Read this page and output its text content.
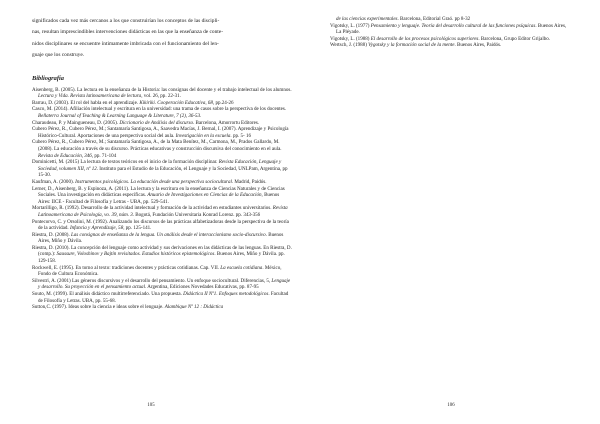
significados cada vez más cercanos a los que construirían los conceptos de las discipli-
nas, resultan imprescindibles intervenciones didácticas en las que la enseñanza de conte-
nidos disciplinares se encuentre íntimamente imbricada con el funcionamiento del len-
guaje que los construye.

Bibliografía
Aisenberg, B. (2005). La lectura en la enseñanza de la Historia: las consignas del docente y el trabajo intelectual de los alumnos. Lectura y Vida. Revista latinoamericana de lectura, vol. 26, pp. 22-31.
Barrau, D. (2003). El rol del habla en el aprendizaje. Kikiriki. Cooperación Educativa, 68, pp.24-26
Casco, M. (2014). Afiliación intelectual y escritura en la universidad: una trama de casos sobre la perspectiva de los docentes. Bellaterra Journal of Teaching & Learning Language & Literature, 7 (2), 36-53.
Charaudeau, P. y Maingueneau, D. (2005). Diccionario de Análisis del discurso. Barcelona, Amorrortu Editores.
Cubero Pérez, R., Cubero Pérez, M.; Santamaría Santigosa, A., Saavedra Macías, J. Bernal, I. (2007). Aprendizaje y Psicología Histórico-Cultural. Aportaciones de una perspectiva social del aula. Investigación en la escuela. pp. 5- 16
Cubero Pérez, R., Cubero Pérez, M.; Santamaría Santigosa, A., de la Mata Benítez, M., Carmona, M., Prados Gallardo, M. (2008). La educación a través de su discurso. Prácticas educativas y construcción discursiva del conocimiento en el aula. Revista de Educación, 346, pp. 71-104
Dominicetti, M. (2015) La lectura de textos teóricos en el inicio de la formación disciplinar. Revista Educación, Lenguaje y Sociedad, volumen XII, nº 12. Instituto para el Estudio de la Educación, el Lenguaje y la Sociedad, UNLPam, Argentina, pp 15-30.
Kaufman, A. (2000). Instrumentos psicológicos. La educación desde una perspectiva sociocultural. Madrid, Paidós.
Lerner, D., Aisenberg, B. y Espinoza, A. (2011). La lectura y la escritura en la enseñanza de Ciencias Naturales y de Ciencias Sociales. Una investigación en didácticas específicas. Anuario de Investigaciones en Ciencias de la Educación, Buenos Aires: IICE - Facultad de Filosofía y Letras - UBA, pp. 529-541.
Mortarilligo, R. (1992). Desarrollo de la actividad intelectual y formación de la actividad en estudiantes universitarios. Revista Latinoamericana de Psicología, vo. 39, núm. 3. Bogotá, Fundación Universitaria Konrad Lorenz. pp. 343-356
Pontecorvo, C. y Orsolini, M. (1992). Analizando los discursos de las prácticas alfabetizadoras desde la perspectiva de la teoría de la actividad. Infancia y Aprendizaje, 58, pp. 125-141.
Riestra, D. (2008). Las consignas de enseñanza de la lengua. Un análisis desde el interaccionismo socio-discursivo. Buenos Aires, Miño y Dávila.
Riestra, D. (2010). La concepción del lenguaje como actividad y sus derivaciones en las didácticas de las lenguas. En Riestra, D. (comp.): Saussure, Voloshinov y Bajtín revisitados. Estudios históricos epistemológicos. Buenos Aires, Miño y Dávila. pp. 129-158.
Rockwell, E. (1995). En torno al texto: tradiciones docentes y prácticas cotidianas. Cap. VII. La escuela cotidiana. México, Fondo de Cultura Económica.
Silvestri, A. (2001) Las géneros discursivos y el desarrollo del pensamiento. Un enfoque sociocultural. Diferencias, 5, Lenguaje y desarrollo. Su proyección en el pensamiento actual. Argentina, Ediciones Novedades Educativas, pp. 87-95
Souto, M. (1999). El análisis didáctico multirreferenciado. Una propuesta. Didáctica II Nº1. Enfoques metodológicos. Facultad de Filosofía y Letras. UBA, pp. 55-68.
Sutton,C. (1997). Ideas sobre la ciencia e ideas sobre el lenguaje. Alambique Nº 12 : Didáctica
105
de las ciencias experimentales. Barcelona, Editorial Graó. pp 8-32
Vigotsky, L. (1977) Pensamiento y lenguaje. Teoría del desarrollo cultural de las funciones psíquicas. Buenos Aires, La Pléyade.
Vigotsky, L. (1988) El desarrollo de los procesos psicológicos superiores. Barcelona, Grupo Editor Grijalbo.
Wertsch, J. (1988) Vygotsky y la formación social de la mente. Buenos Aires, Paidós.
106
